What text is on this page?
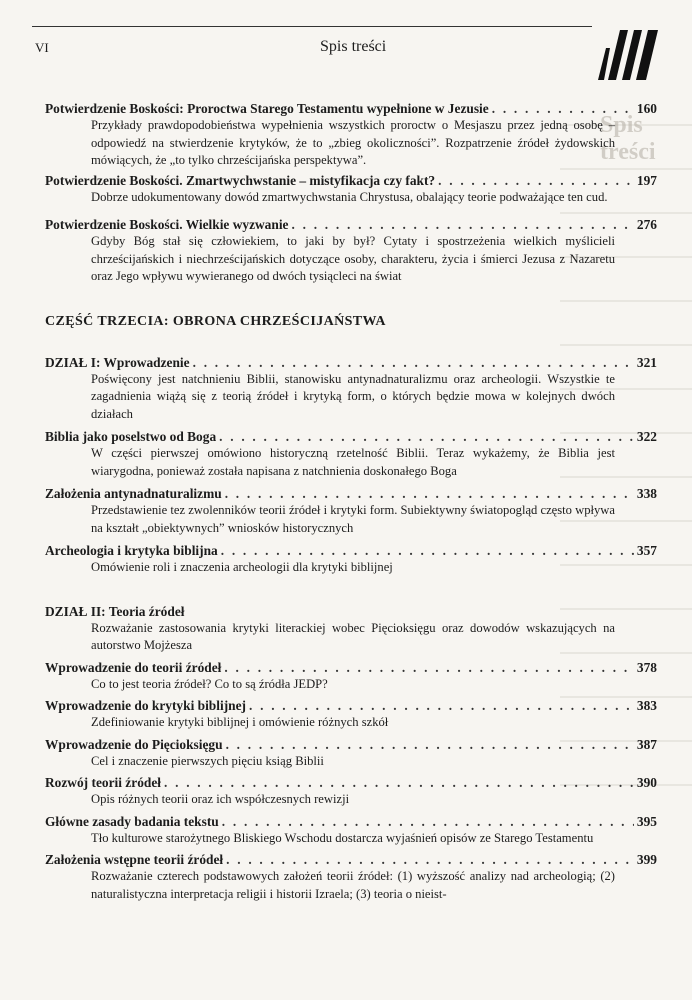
Spis treści
VI	Spis treści
Potwierdzenie Boskości: Proroctwa Starego Testamentu wypełnione w Jezusie . . .	160
Przykłady prawdopodobieństwa wypełnienia wszystkich proroctw o Mesjaszu przez jedną osobę – odpowiedź na stwierdzenie krytyków, że to „zbieg okoliczności”. Rozpatrzenie źródeł żydowskich mówiących, że „to tylko chrześcijańska perspektywa”.
Potwierdzenie Boskości. Zmartwychwstanie – mistyfikacja czy fakt? . . .	197
Dobrze udokumentowany dowód zmartwychwstania Chrystusa, obalający teorie podważające ten cud.
Potwierdzenie Boskości. Wielkie wyzwanie . . .	276
Gdyby Bóg stał się człowiekiem, to jaki by był? Cytaty i spostrzeżenia wielkich myślicieli chrześcijańskich i niechrześcijańskich dotyczące osoby, charakteru, życia i śmierci Jezusa z Nazaretu oraz Jego wpływu wywieranego od dwóch tysiącleci na świat
CZĘŚĆ TRZECIA: OBRONA CHRZEŚCIJAŃSTWA
DZIAŁ I: Wprowadzenie . . .	321
Poświęcony jest natchnieniu Biblii, stanowisku antynadnaturalizmu oraz archeologii. Wszystkie te zagadnienia wiążą się z teorią źródeł i krytyką form, o których będzie mowa w kolejnych dwóch działach
Biblia jako poselstwo od Boga . . .	322
W części pierwszej omówiono historyczną rzetelność Biblii. Teraz wykażemy, że Biblia jest wiarygodna, ponieważ została napisana z natchnienia doskonałego Boga
Założenia antynadnaturalizmu . . .	338
Przedstawienie tez zwolenników teorii źródeł i krytyki form. Subiektywny światopogląd często wpływa na kształt „obiektywnych” wniosków historycznych
Archeologia i krytyka biblijna . . .	357
Omówienie roli i znaczenia archeologii dla krytyki biblijnej
DZIAŁ II: Teoria źródeł
Rozważanie zastosowania krytyki literackiej wobec Pięcioksięgu oraz dowodów wskazujących na autorstwo Mojżesza
Wprowadzenie do teorii źródeł . . .	378
Co to jest teoria źródeł? Co to są źródła JEDP?
Wprowadzenie do krytyki biblijnej . . .	383
Zdefiniowanie krytyki biblijnej i omówienie różnych szkół
Wprowadzenie do Pięcioksięgu . . .	387
Cel i znaczenie pierwszych pięciu ksiąg Biblii
Rozwój teorii źródeł . . .	390
Opis różnych teorii oraz ich współczesnych rewizji
Główne zasady badania tekstu . . .	395
Tło kulturowe starożytnego Bliskiego Wschodu dostarcza wyjaśnień opisów ze Starego Testamentu
Założenia wstępne teorii źródeł . . .	399
Rozważanie czterech podstawowych założeń teorii źródeł: (1) wyższość analizy nad archeologią; (2) naturalistyczna interpretacja religii i historii Izraela; (3) teoria o nieist-
